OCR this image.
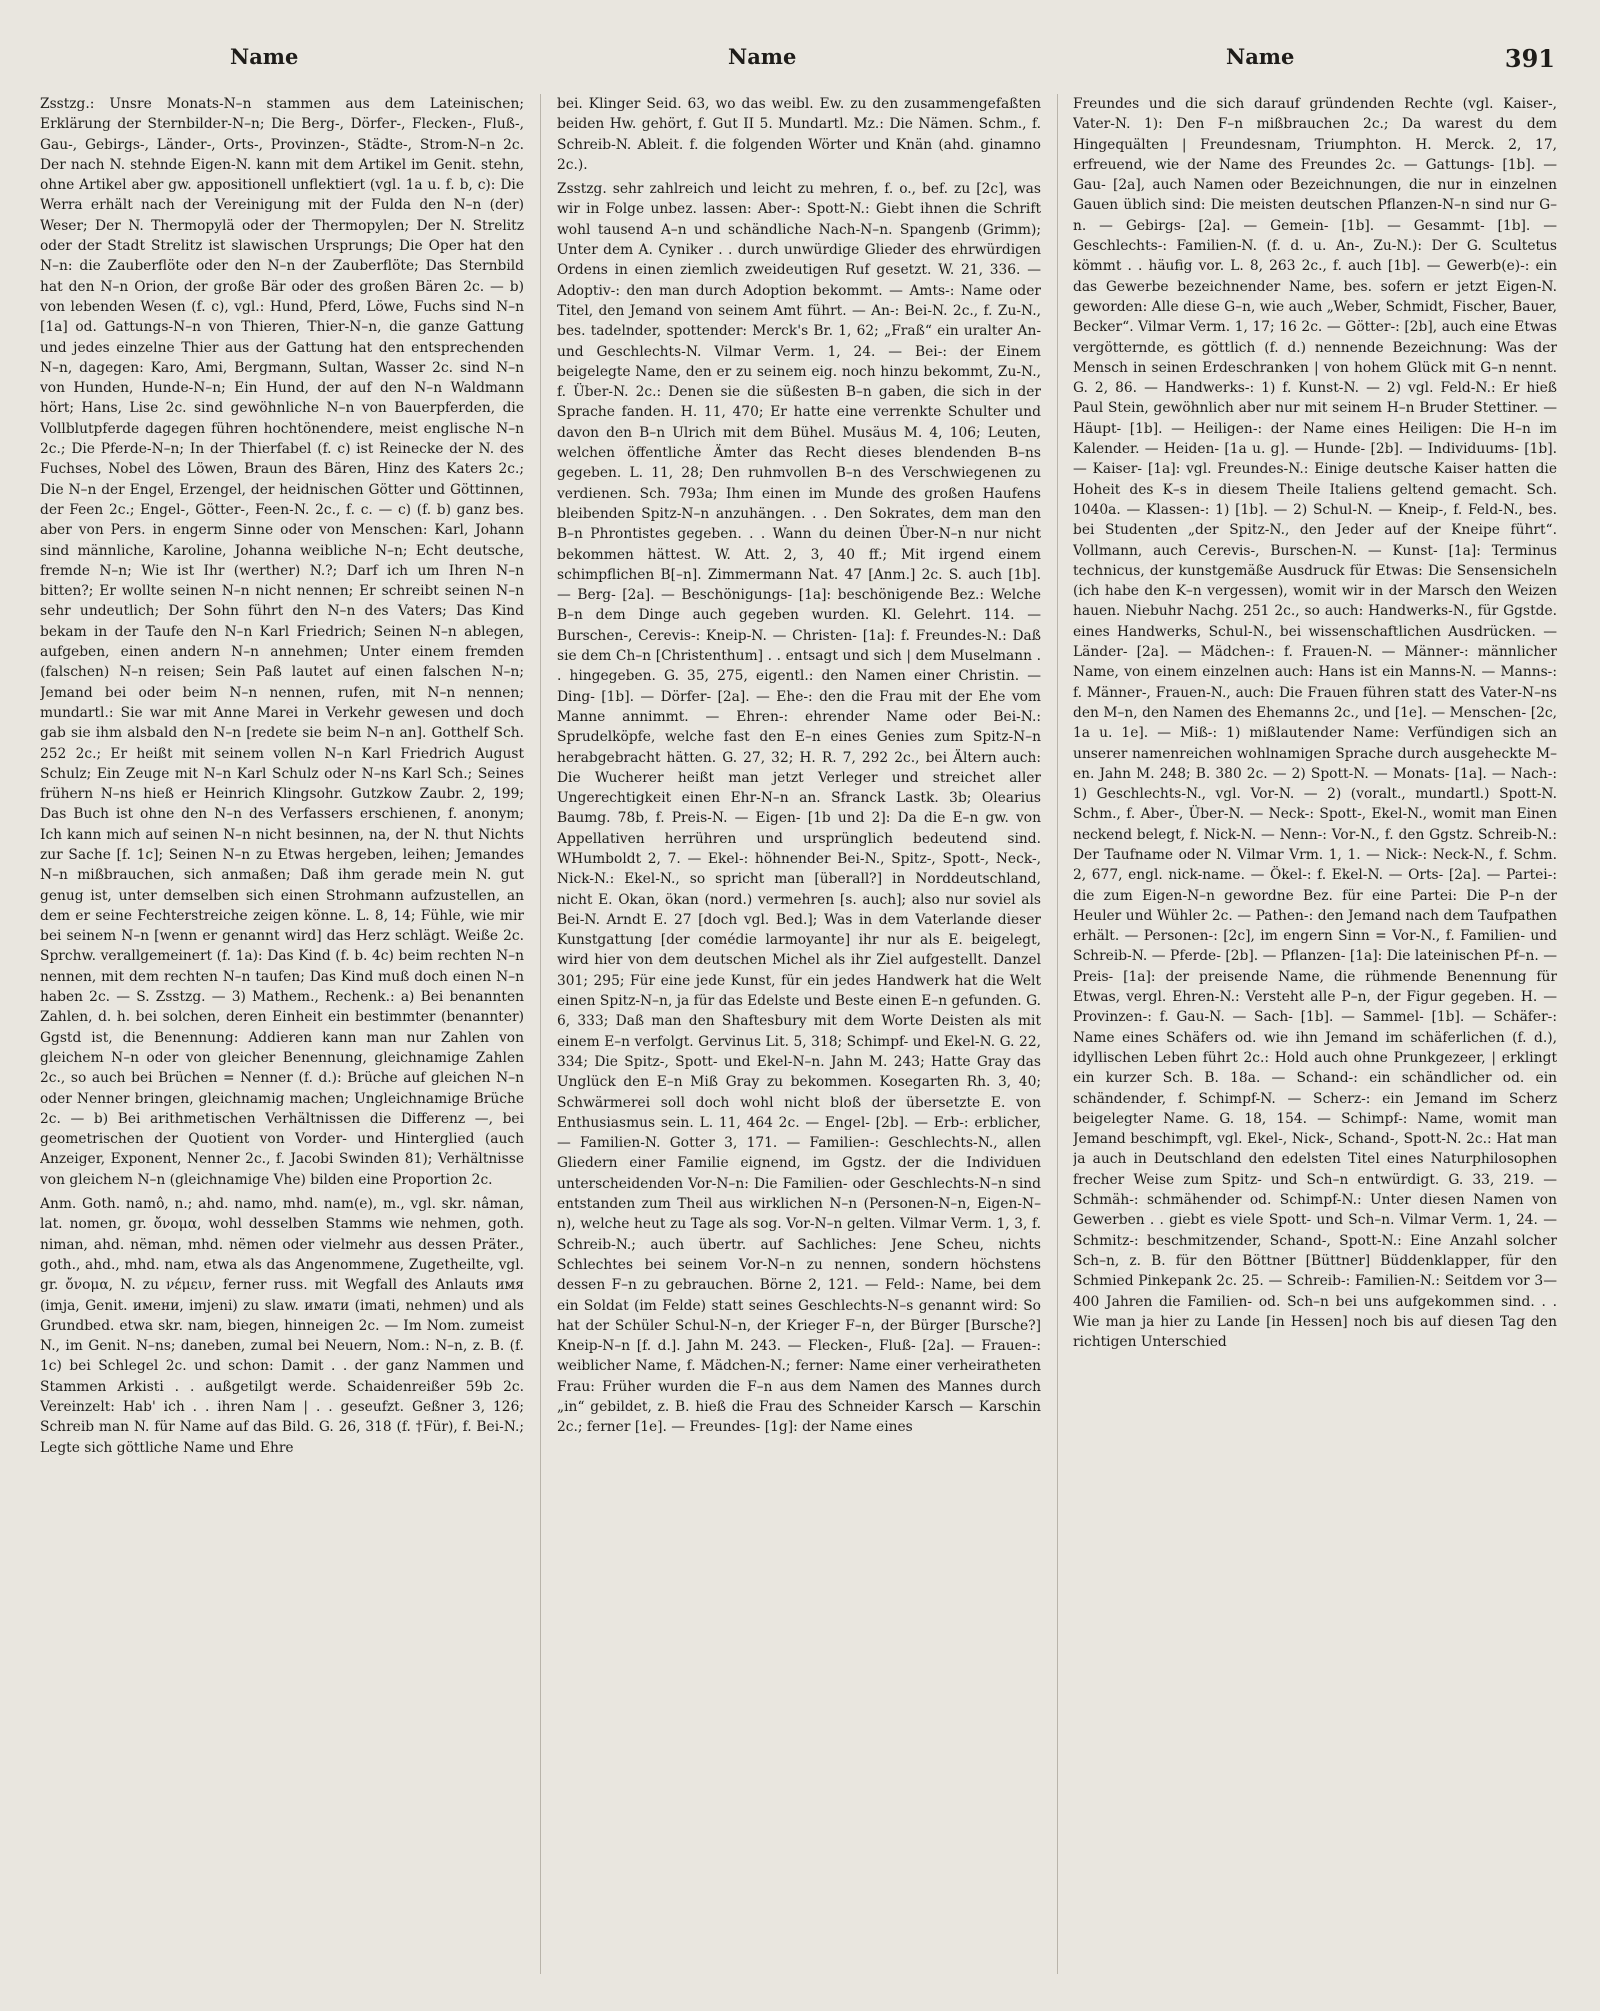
Name	Name	Name	391

Zsstzg.: Unsre Monats-N–n stammen aus dem Lateinischen; Erklärung der Sternbilder-N–n; Die Berg-, Dörfer-, Flecken-, Fluß-, Gau-, Gebirgs-, Länder-, Orts-, Provinzen-, Städte-, Strom-N–n 2c. Der nach N. stehnde Eigen-N. kann mit dem Artikel im Genit. stehn, ohne Artikel aber gw. appositionell unflektiert (vgl. 1a u. f. b, c): Die Werra erhält nach der Vereinigung mit der Fulda den N–n (der) Weser; Der N. Thermopylä oder der Thermopylen; Der N. Strelitz oder der Stadt Strelitz ist slawischen Ursprungs; Die Oper hat den N–n: die Zauberflöte oder den N–n der Zauberflöte; Das Sternbild hat den N–n Orion, der große Bär oder des großen Bären 2c. — b) von lebenden Wesen (f. c), vgl.: Hund, Pferd, Löwe, Fuchs sind N–n [1a] od. Gattungs-N–n von Thieren, Thier-N–n, die ganze Gattung und jedes einzelne Thier aus der Gattung hat den entsprechenden N–n, dagegen: Karo, Ami, Bergmann, Sultan, Wasser 2c. sind N–n von Hunden, Hunde-N–n; Ein Hund, der auf den N–n Waldmann hört; Hans, Lise 2c. sind gewöhnliche N–n von Bauerpferden, die Vollblutpferde dagegen führen hochtönendere, meist englische N–n 2c.; Die Pferde-N–n; In der Thierfabel (f. c) ist Reinecke der N. des Fuchses, Nobel des Löwen, Braun des Bären, Hinz des Katers 2c.; Die N–n der Engel, Erzengel, der heidnischen Götter und Göttinnen, der Feen 2c.; Engel-, Götter-, Feen-N. 2c., f. c. — c) (f. b) ganz bes. aber von Pers. in engerm Sinne oder von Menschen: Karl, Johann sind männliche, Karoline, Johanna weibliche N–n; Echt deutsche, fremde N–n; Wie ist Ihr (werther) N.?; Darf ich um Ihren N–n bitten?; Er wollte seinen N–n nicht nennen; Er schreibt seinen N–n sehr undeutlich; Der Sohn führt den N–n des Vaters; Das Kind bekam in der Taufe den N–n Karl Friedrich; Seinen N–n ablegen, aufgeben, einen andern N–n annehmen; Unter einem fremden (falschen) N–n reisen; Sein Paß lautet auf einen falschen N–n; Jemand bei oder beim N–n nennen, rufen, mit N–n nennen; mundartl.: Sie war mit Anne Marei in Verkehr gewesen und doch gab sie ihm alsbald den N–n [redete sie beim N–n an]. Gotthelf Sch. 252 2c.; Er heißt mit seinem vollen N–n Karl Friedrich August Schulz; Ein Zeuge mit N–n Karl Schulz oder N–ns Karl Sch.; Seines frühern N–ns hieß er Heinrich Klingsohr. Gutzkow Zaubr. 2, 199; Das Buch ist ohne den N–n des Verfassers erschienen, f. anonym; Ich kann mich auf seinen N–n nicht besinnen, na, der N. thut Nichts zur Sache [f. 1c]; Seinen N–n zu Etwas hergeben, leihen; Jemandes N–n mißbrauchen, sich anmaßen; Daß ihm gerade mein N. gut genug ist, unter demselben sich einen Strohmann aufzustellen, an dem er seine Fechterstreiche zeigen könne. L. 8, 14; Fühle, wie mir bei seinem N–n [wenn er genannt wird] das Herz schlägt. Weiße 2c. Sprchw. verallgemeinert (f. 1a): Das Kind (f. b. 4c) beim rechten N–n nennen, mit dem rechten N–n taufen; Das Kind muß doch einen N–n haben 2c. — S. Zsstzg. — 3) Mathem., Rechenk.: a) Bei benannten Zahlen, d. h. bei solchen, deren Einheit ein bestimmter (benannter) Ggstd ist, die Benennung: Addieren kann man nur Zahlen von gleichem N–n oder von gleicher Benennung, gleichnamige Zahlen 2c., so auch bei Brüchen = Nenner (f. d.): Brüche auf gleichen N–n oder Nenner bringen, gleichnamig machen; Ungleichnamige Brüche 2c. — b) Bei arithmetischen Verhältnissen die Differenz —, bei geometrischen der Quotient von Vorder- und Hinterglied (auch Anzeiger, Exponent, Nenner 2c., f. Jacobi Swinden 81); Verhältnisse von gleichem N–n (gleichnamige Vhe) bilden eine Proportion 2c.

Anm. Goth. namô, n.; ahd. namo, mhd. nam(e), m., vgl. skr. nâman, lat. nomen, gr. ὄνομα, wohl desselben Stamms wie nehmen, goth. niman, ahd. nëman, mhd. nëmen oder vielmehr aus dessen Präter., goth., ahd., mhd. nam, etwa als das Angenommene, Zugetheilte, vgl. gr. ὄνομα, N. zu νέμειν, ferner russ. mit Wegfall des Anlauts имя (imja, Genit. имени, imjeni) zu slaw. имати (imati, nehmen) und als Grundbed. etwa skr. nam, biegen, hinneigen 2c. — Im Nom. zumeist N., im Genit. N–ns; daneben, zumal bei Neuern, Nom.: N–n, z. B. (f. 1c) bei Schlegel 2c. und schon: Damit . . der ganz Nammen und Stammen Arkisti . . außgetilgt werde. Schaidenreißer 59b 2c. Vereinzelt: Hab' ich . . ihren Nam | . . geseufzt. Geßner 3, 126; Schreib man N. für Name auf das Bild. G. 26, 318 (f. †Für), f. Bei-N.; Legte sich göttliche Name und Ehre

bei. Klinger Seid. 63, wo das weibl. Ew. zu den zusammengefaßten beiden Hw. gehört, f. Gut II 5. Mundartl. Mz.: Die Nämen. Schm., f. Schreib-N. Ableit. f. die folgenden Wörter und Knän (ahd. ginamno 2c.).

Zsstzg. sehr zahlreich und leicht zu mehren, f. o., bef. zu [2c], was wir in Folge unbez. lassen: Aber-: Spott-N.: Giebt ihnen die Schrift wohl tausend A–n und schändliche Nach-N–n. Spangenb (Grimm); Unter dem A. Cyniker . . durch unwürdige Glieder des ehrwürdigen Ordens in einen ziemlich zweideutigen Ruf gesetzt. W. 21, 336. — Adoptiv-: den man durch Adoption bekommt. — Amts-: Name oder Titel, den Jemand von seinem Amt führt. — An-: Bei-N. 2c., f. Zu-N., bes. tadelnder, spottender: Merck's Br. 1, 62; „Fraß“ ein uralter An- und Geschlechts-N. Vilmar Verm. 1, 24. — Bei-: der Einem beigelegte Name, den er zu seinem eig. noch hinzu bekommt, Zu-N., f. Über-N. 2c.: Denen sie die süßesten B–n gaben, die sich in der Sprache fanden. H. 11, 470; Er hatte eine verrenkte Schulter und davon den B–n Ulrich mit dem Bühel. Musäus M. 4, 106; Leuten, welchen öffentliche Ämter das Recht dieses blendenden B–ns gegeben. L. 11, 28; Den ruhmvollen B–n des Verschwiegenen zu verdienen. Sch. 793a; Ihm einen im Munde des großen Haufens bleibenden Spitz-N–n anzuhängen. . . Den Sokrates, dem man den B–n Phrontistes gegeben. . . Wann du deinen Über-N–n nur nicht bekommen hättest. W. Att. 2, 3, 40 ff.; Mit irgend einem schimpflichen B[–n]. Zimmermann Nat. 47 [Anm.] 2c. S. auch [1b]. — Berg- [2a]. — Beschönigungs- [1a]: beschönigende Bez.: Welche B–n dem Dinge auch gegeben wurden. Kl. Gelehrt. 114. — Burschen-, Cerevis-: Kneip-N. — Christen- [1a]: f. Freundes-N.: Daß sie dem Ch–n [Christenthum] . . entsagt und sich | dem Muselmann . . hingegeben. G. 35, 275, eigentl.: den Namen einer Christin. — Ding- [1b]. — Dörfer- [2a]. — Ehe-: den die Frau mit der Ehe vom Manne annimmt. — Ehren-: ehrender Name oder Bei-N.: Sprudelköpfe, welche fast den E–n eines Genies zum Spitz-N–n herabgebracht hätten. G. 27, 32; H. R. 7, 292 2c., bei Ältern auch: Die Wucherer heißt man jetzt Verleger und streichet aller Ungerechtigkeit einen Ehr-N–n an. Sfranck Lastk. 3b; Olearius Baumg. 78b, f. Preis-N. — Eigen- [1b und 2]: Da die E–n gw. von Appellativen herrühren und ursprünglich bedeutend sind. WHumboldt 2, 7. — Ekel-: höhnender Bei-N., Spitz-, Spott-, Neck-, Nick-N.: Ekel-N., so spricht man [überall?] in Norddeutschland, nicht E. Okan, ökan (nord.) vermehren [s. auch]; also nur soviel als Bei-N. Arndt E. 27 [doch vgl. Bed.]; Was in dem Vaterlande dieser Kunstgattung [der comédie larmoyante] ihr nur als E. beigelegt, wird hier von dem deutschen Michel als ihr Ziel aufgestellt. Danzel 301; 295; Für eine jede Kunst, für ein jedes Handwerk hat die Welt einen Spitz-N–n, ja für das Edelste und Beste einen E–n gefunden. G. 6, 333; Daß man den Shaftesbury mit dem Worte Deisten als mit einem E–n verfolgt. Gervinus Lit. 5, 318; Schimpf- und Ekel-N. G. 22, 334; Die Spitz-, Spott- und Ekel-N–n. Jahn M. 243; Hatte Gray das Unglück den E–n Miß Gray zu bekommen. Kosegarten Rh. 3, 40; Schwärmerei soll doch wohl nicht bloß der übersetzte E. von Enthusiasmus sein. L. 11, 464 2c. — Engel- [2b]. — Erb-: erblicher, — Familien-N. Gotter 3, 171. — Familien-: Geschlechts-N., allen Gliedern einer Familie eignend, im Ggstz. der die Individuen unterscheidenden Vor-N–n: Die Familien- oder Geschlechts-N–n sind entstanden zum Theil aus wirklichen N–n (Personen-N–n, Eigen-N–n), welche heut zu Tage als sog. Vor-N–n gelten. Vilmar Verm. 1, 3, f. Schreib-N.; auch übertr. auf Sachliches: Jene Scheu, nichts Schlechtes bei seinem Vor-N–n zu nennen, sondern höchstens dessen F–n zu gebrauchen. Börne 2, 121. — Feld-: Name, bei dem ein Soldat (im Felde) statt seines Geschlechts-N–s genannt wird: So hat der Schüler Schul-N–n, der Krieger F–n, der Bürger [Bursche?] Kneip-N–n [f. d.]. Jahn M. 243. — Flecken-, Fluß- [2a]. — Frauen-: weiblicher Name, f. Mädchen-N.; ferner: Name einer verheiratheten Frau: Früher wurden die F–n aus dem Namen des Mannes durch „in“ gebildet, z. B. hieß die Frau des Schneider Karsch — Karschin 2c.; ferner [1e]. — Freundes- [1g]: der Name eines

Freundes und die sich darauf gründenden Rechte (vgl. Kaiser-, Vater-N. 1): Den F–n mißbrauchen 2c.; Da warest du dem Hingequälten | Freundesnam, Triumphton. H. Merck. 2, 17, erfreuend, wie der Name des Freundes 2c. — Gattungs- [1b]. — Gau- [2a], auch Namen oder Bezeichnungen, die nur in einzelnen Gauen üblich sind: Die meisten deutschen Pflanzen-N–n sind nur G–n. — Gebirgs- [2a]. — Gemein- [1b]. — Gesammt- [1b]. — Geschlechts-: Familien-N. (f. d. u. An-, Zu-N.): Der G. Scultetus kömmt . . häufig vor. L. 8, 263 2c., f. auch [1b]. — Gewerb(e)-: ein das Gewerbe bezeichnender Name, bes. sofern er jetzt Eigen-N. geworden: Alle diese G–n, wie auch „Weber, Schmidt, Fischer, Bauer, Becker“. Vilmar Verm. 1, 17; 16 2c. — Götter-: [2b], auch eine Etwas vergötternde, es göttlich (f. d.) nennende Bezeichnung: Was der Mensch in seinen Erdeschranken | von hohem Glück mit G–n nennt. G. 2, 86. — Handwerks-: 1) f. Kunst-N. — 2) vgl. Feld-N.: Er hieß Paul Stein, gewöhnlich aber nur mit seinem H–n Bruder Stettiner. — Häupt- [1b]. — Heiligen-: der Name eines Heiligen: Die H–n im Kalender. — Heiden- [1a u. g]. — Hunde- [2b]. — Individuums- [1b]. — Kaiser- [1a]: vgl. Freundes-N.: Einige deutsche Kaiser hatten die Hoheit des K–s in diesem Theile Italiens geltend gemacht. Sch. 1040a. — Klassen-: 1) [1b]. — 2) Schul-N. — Kneip-, f. Feld-N., bes. bei Studenten „der Spitz-N., den Jeder auf der Kneipe führt“. Vollmann, auch Cerevis-, Burschen-N. — Kunst- [1a]: Terminus technicus, der kunstgemäße Ausdruck für Etwas: Die Sensensicheln (ich habe den K–n vergessen), womit wir in der Marsch den Weizen hauen. Niebuhr Nachg. 251 2c., so auch: Handwerks-N., für Ggstde. eines Handwerks, Schul-N., bei wissenschaftlichen Ausdrücken. — Länder- [2a]. — Mädchen-: f. Frauen-N. — Männer-: männlicher Name, von einem einzelnen auch: Hans ist ein Manns-N. — Manns-: f. Männer-, Frauen-N., auch: Die Frauen führen statt des Vater-N–ns den M–n, den Namen des Ehemanns 2c., und [1e]. — Menschen- [2c, 1a u. 1e]. — Miß-: 1) mißlautender Name: Verfündigen sich an unserer namenreichen wohlnamigen Sprache durch ausgeheckte M–en. Jahn M. 248; B. 380 2c. — 2) Spott-N. — Monats- [1a]. — Nach-: 1) Geschlechts-N., vgl. Vor-N. — 2) (voralt., mundartl.) Spott-N. Schm., f. Aber-, Über-N. — Neck-: Spott-, Ekel-N., womit man Einen neckend belegt, f. Nick-N. — Nenn-: Vor-N., f. den Ggstz. Schreib-N.: Der Taufname oder N. Vilmar Vrm. 1, 1. — Nick-: Neck-N., f. Schm. 2, 677, engl. nick-name. — Ökel-: f. Ekel-N. — Orts- [2a]. — Partei-: die zum Eigen-N–n gewordne Bez. für eine Partei: Die P–n der Heuler und Wühler 2c. — Pathen-: den Jemand nach dem Taufpathen erhält. — Personen-: [2c], im engern Sinn = Vor-N., f. Familien- und Schreib-N. — Pferde- [2b]. — Pflanzen- [1a]: Die lateinischen Pf–n. — Preis- [1a]: der preisende Name, die rühmende Benennung für Etwas, vergl. Ehren-N.: Versteht alle P–n, der Figur gegeben. H. — Provinzen-: f. Gau-N. — Sach- [1b]. — Sammel- [1b]. — Schäfer-: Name eines Schäfers od. wie ihn Jemand im schäferlichen (f. d.), idyllischen Leben führt 2c.: Hold auch ohne Prunkgezeer, | erklingt ein kurzer Sch. B. 18a. — Schand-: ein schändlicher od. ein schändender, f. Schimpf-N. — Scherz-: ein Jemand im Scherz beigelegter Name. G. 18, 154. — Schimpf-: Name, womit man Jemand beschimpft, vgl. Ekel-, Nick-, Schand-, Spott-N. 2c.: Hat man ja auch in Deutschland den edelsten Titel eines Naturphilosophen frecher Weise zum Spitz- und Sch–n entwürdigt. G. 33, 219. — Schmäh-: schmähender od. Schimpf-N.: Unter diesen Namen von Gewerben . . giebt es viele Spott- und Sch–n. Vilmar Verm. 1, 24. — Schmitz-: beschmitzender, Schand-, Spott-N.: Eine Anzahl solcher Sch–n, z. B. für den Böttner [Büttner] Büddenklapper, für den Schmied Pinkepank 2c. 25. — Schreib-: Familien-N.: Seitdem vor 3—400 Jahren die Familien- od. Sch–n bei uns aufgekommen sind. . . Wie man ja hier zu Lande [in Hessen] noch bis auf diesen Tag den richtigen Unterschied
